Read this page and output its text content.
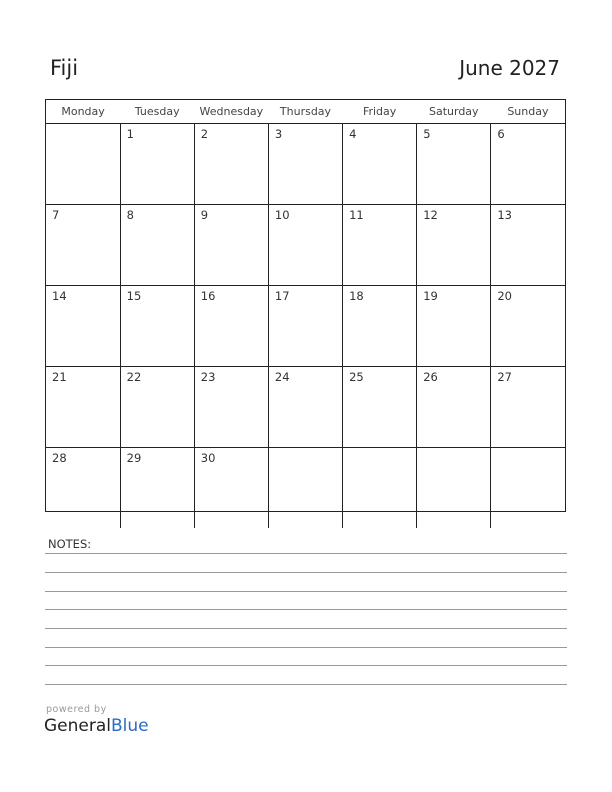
Fiji	June 2027
Monday	Tuesday	Wednesday	Thursday	Friday	Saturday	Sunday
	1	2	3	4	5	6
7	8	9	10	11	12	13
14	15	16	17	18	19	20
21	22	23	24	25	26	27
28	29	30				
NOTES:
powered by
GeneralBlue
